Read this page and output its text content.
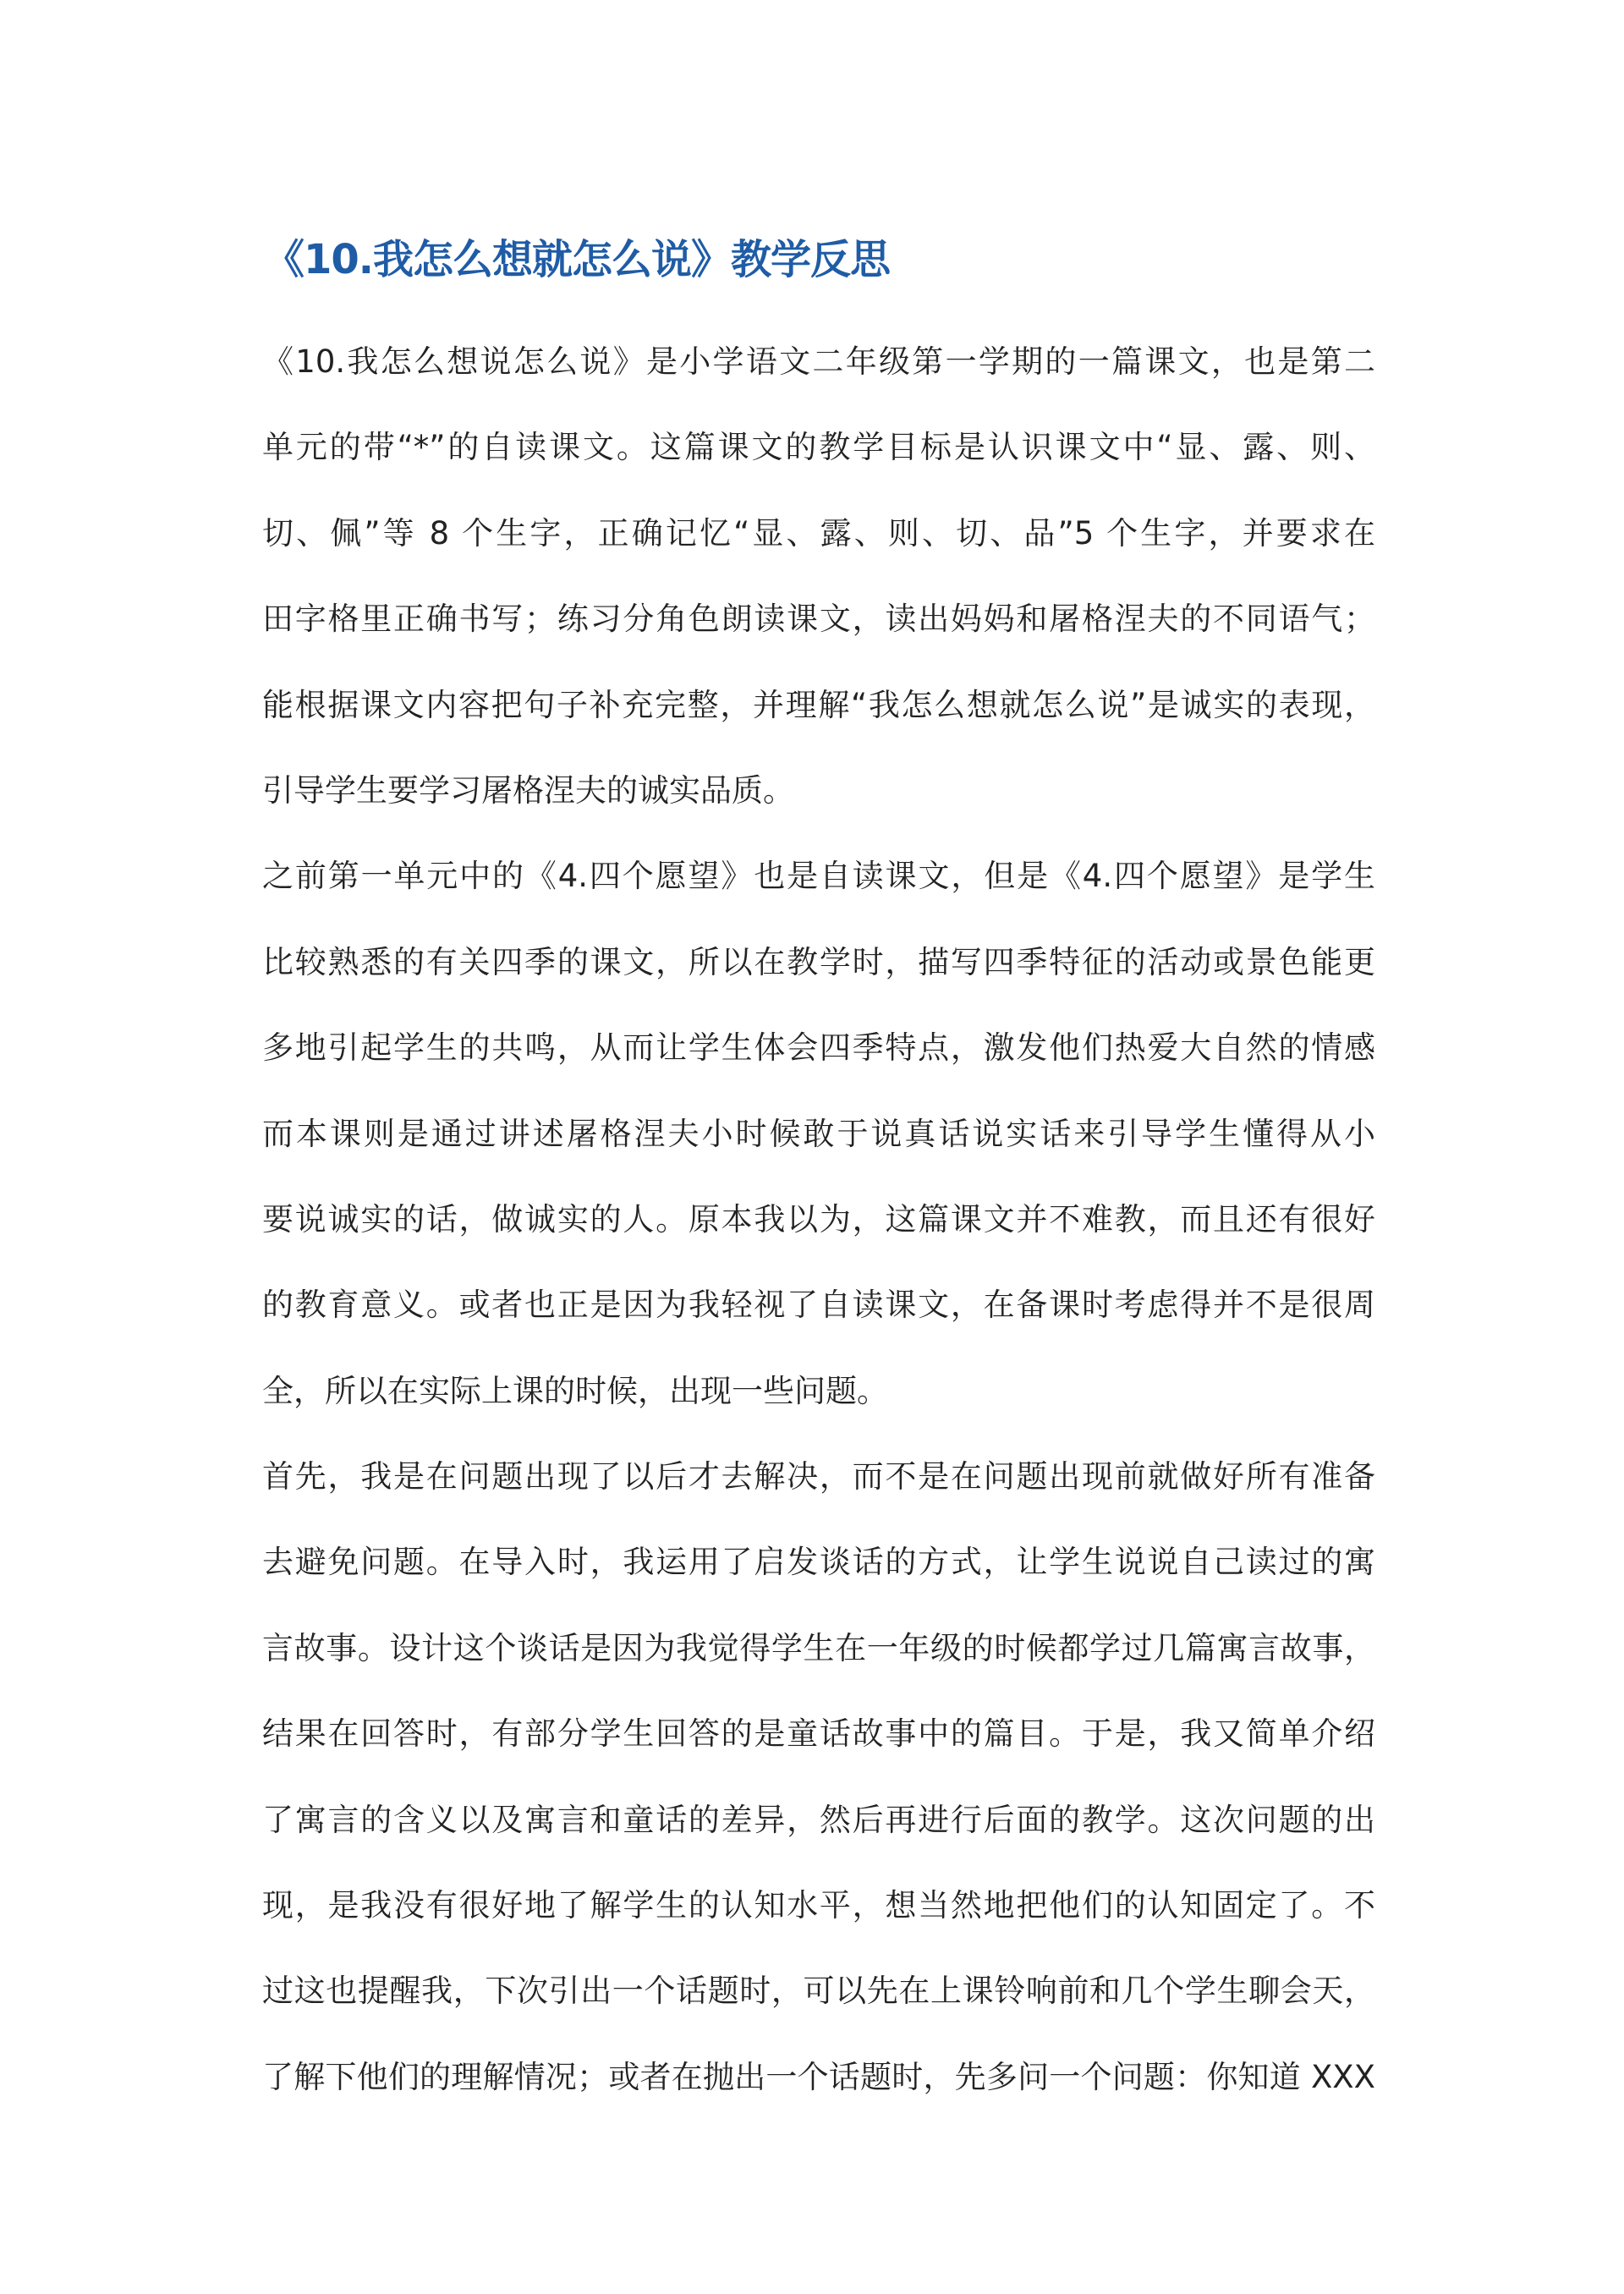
《10.我怎么想就怎么说》教学反思
《10.我怎么想说怎么说》是小学语文二年级第一学期的一篇课文，也是第二
单元的带“*”的自读课文。这篇课文的教学目标是认识课文中“显、露、则、
切、佩”等 8 个生字，正确记忆“显、露、则、切、品”5 个生字，并要求在
田字格里正确书写；练习分角色朗读课文，读出妈妈和屠格涅夫的不同语气；
能根据课文内容把句子补充完整，并理解“我怎么想就怎么说”是诚实的表现，
引导学生要学习屠格涅夫的诚实品质。
之前第一单元中的《4.四个愿望》也是自读课文，但是《4.四个愿望》是学生
比较熟悉的有关四季的课文，所以在教学时，描写四季特征的活动或景色能更
多地引起学生的共鸣，从而让学生体会四季特点，激发他们热爱大自然的情感
而本课则是通过讲述屠格涅夫小时候敢于说真话说实话来引导学生懂得从小
要说诚实的话，做诚实的人。原本我以为，这篇课文并不难教，而且还有很好
的教育意义。或者也正是因为我轻视了自读课文，在备课时考虑得并不是很周
全，所以在实际上课的时候，出现一些问题。
首先，我是在问题出现了以后才去解决，而不是在问题出现前就做好所有准备
去避免问题。在导入时，我运用了启发谈话的方式，让学生说说自己读过的寓
言故事。设计这个谈话是因为我觉得学生在一年级的时候都学过几篇寓言故事，
结果在回答时，有部分学生回答的是童话故事中的篇目。于是，我又简单介绍
了寓言的含义以及寓言和童话的差异，然后再进行后面的教学。这次问题的出
现，是我没有很好地了解学生的认知水平，想当然地把他们的认知固定了。不
过这也提醒我，下次引出一个话题时，可以先在上课铃响前和几个学生聊会天，
了解下他们的理解情况；或者在抛出一个话题时，先多问一个问题：你知道 XXX
